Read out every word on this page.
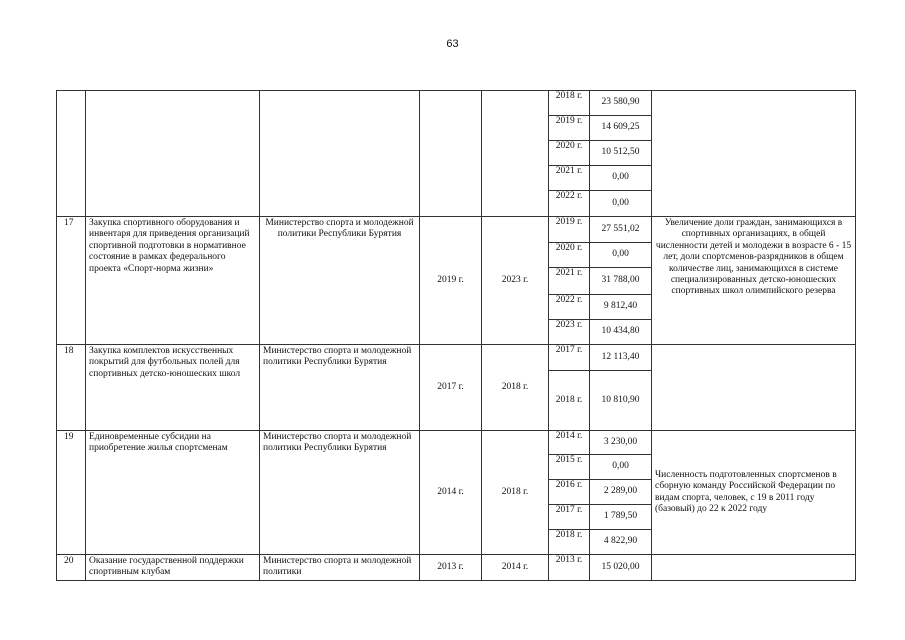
63
					2018 г.	23 580,90	
					2019 г.	14 609,25	
					2020 г.	10 512,50	
					2021 г.	0,00	
					2022 г.	0,00	
17	Закупка спортивного оборудования и инвентаря для приведения организаций спортивной подготовки в нормативное состояние в рамках федерального проекта «Спорт-норма жизни»	Министерство спорта и молодежной политики Республики Бурятия	2019 г.	2023 г.	2019 г.	27 551,02	Увеличение доли граждан, занимающихся в спортивных организациях, в общей численности детей и молодежи в возрасте 6 - 15 лет, доли спортсменов-разрядников в общем количестве лиц, занимающихся в системе специализированных детско-юношеских спортивных школ олимпийского резерва
					2020 г.	0,00	
					2021 г.	31 788,00	
					2022 г.	9 812,40	
					2023 г.	10 434,80	
18	Закупка комплектов искусственных покрытий для футбольных полей для спортивных детско-юношеских школ	Министерство спорта и молодежной политики Республики Бурятия	2017 г.	2018 г.	2017 г.	12 113,40	
					2018 г.	10 810,90	
19	Единовременные субсидии на приобретение жилья спортсменам	Министерство спорта и молодежной политики Республики Бурятия	2014 г.	2018 г.	2014 г.	3 230,00	Численность подготовленных спортсменов в сборную команду Российской Федерации по видам спорта, человек, с 19 в 2011 году (базовый) до 22 к 2022 году
					2015 г.	0,00	
					2016 г.	2 289,00	
					2017 г.	1 789,50	
					2018 г.	4 822,90	
20	Оказание государственной поддержки спортивным клубам	Министерство спорта и молодежной политики	2013 г.	2014 г.	2013 г.	15 020,00	
